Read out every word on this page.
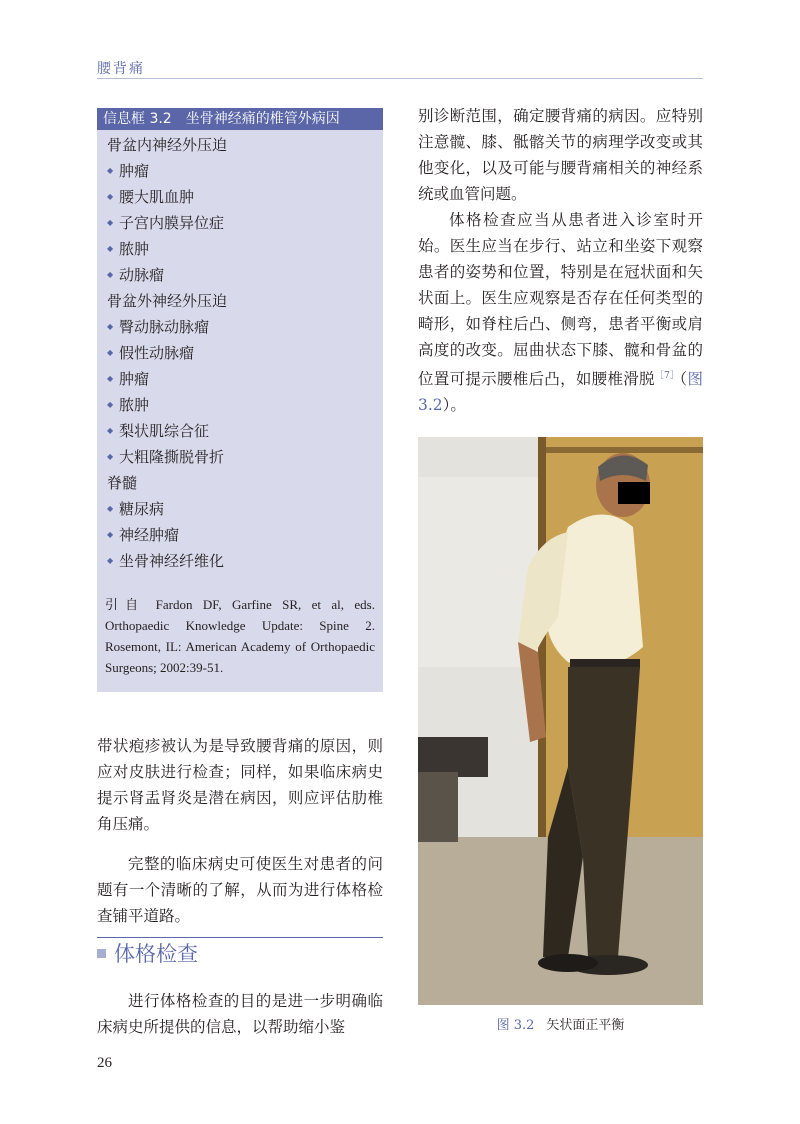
腰背痛
信息框 3.2　坐骨神经痛的椎管外病因
骨盆内神经外压迫
◆ 肿瘤
◆ 腰大肌血肿
◆ 子宫内膜异位症
◆ 脓肿
◆ 动脉瘤
骨盆外神经外压迫
◆ 臀动脉动脉瘤
◆ 假性动脉瘤
◆ 肿瘤
◆ 脓肿
◆ 梨状肌综合征
◆ 大粗隆撕脱骨折
脊髓
◆ 糖尿病
◆ 神经肿瘤
◆ 坐骨神经纤维化
引自 Fardon DF, Garfine SR, et al, eds. Orthopaedic Knowledge Update: Spine 2. Rosemont, IL: American Academy of Orthopaedic Surgeons; 2002:39-51.
带状疱疹被认为是导致腰背痛的原因，则应对皮肤进行检查；同样，如果临床病史提示肾盂肾炎是潜在病因，则应评估肋椎角压痛。
完整的临床病史可使医生对患者的问题有一个清晰的了解，从而为进行体格检查铺平道路。
体格检查
进行体格检查的目的是进一步明确临床病史所提供的信息，以帮助缩小鉴
别诊断范围，确定腰背痛的病因。应特别注意髋、膝、骶髂关节的病理学改变或其他变化，以及可能与腰背痛相关的神经系统或血管问题。
体格检查应当从患者进入诊室时开始。医生应当在步行、站立和坐姿下观察患者的姿势和位置，特别是在冠状面和矢状面上。医生应观察是否存在任何类型的畸形，如脊柱后凸、侧弯，患者平衡或肩高度的改变。屈曲状态下膝、髋和骨盆的位置可提示腰椎后凸，如腰椎滑脱$^{[7]}$（图 3.2）。
图 3.2 矢状面正平衡
26
